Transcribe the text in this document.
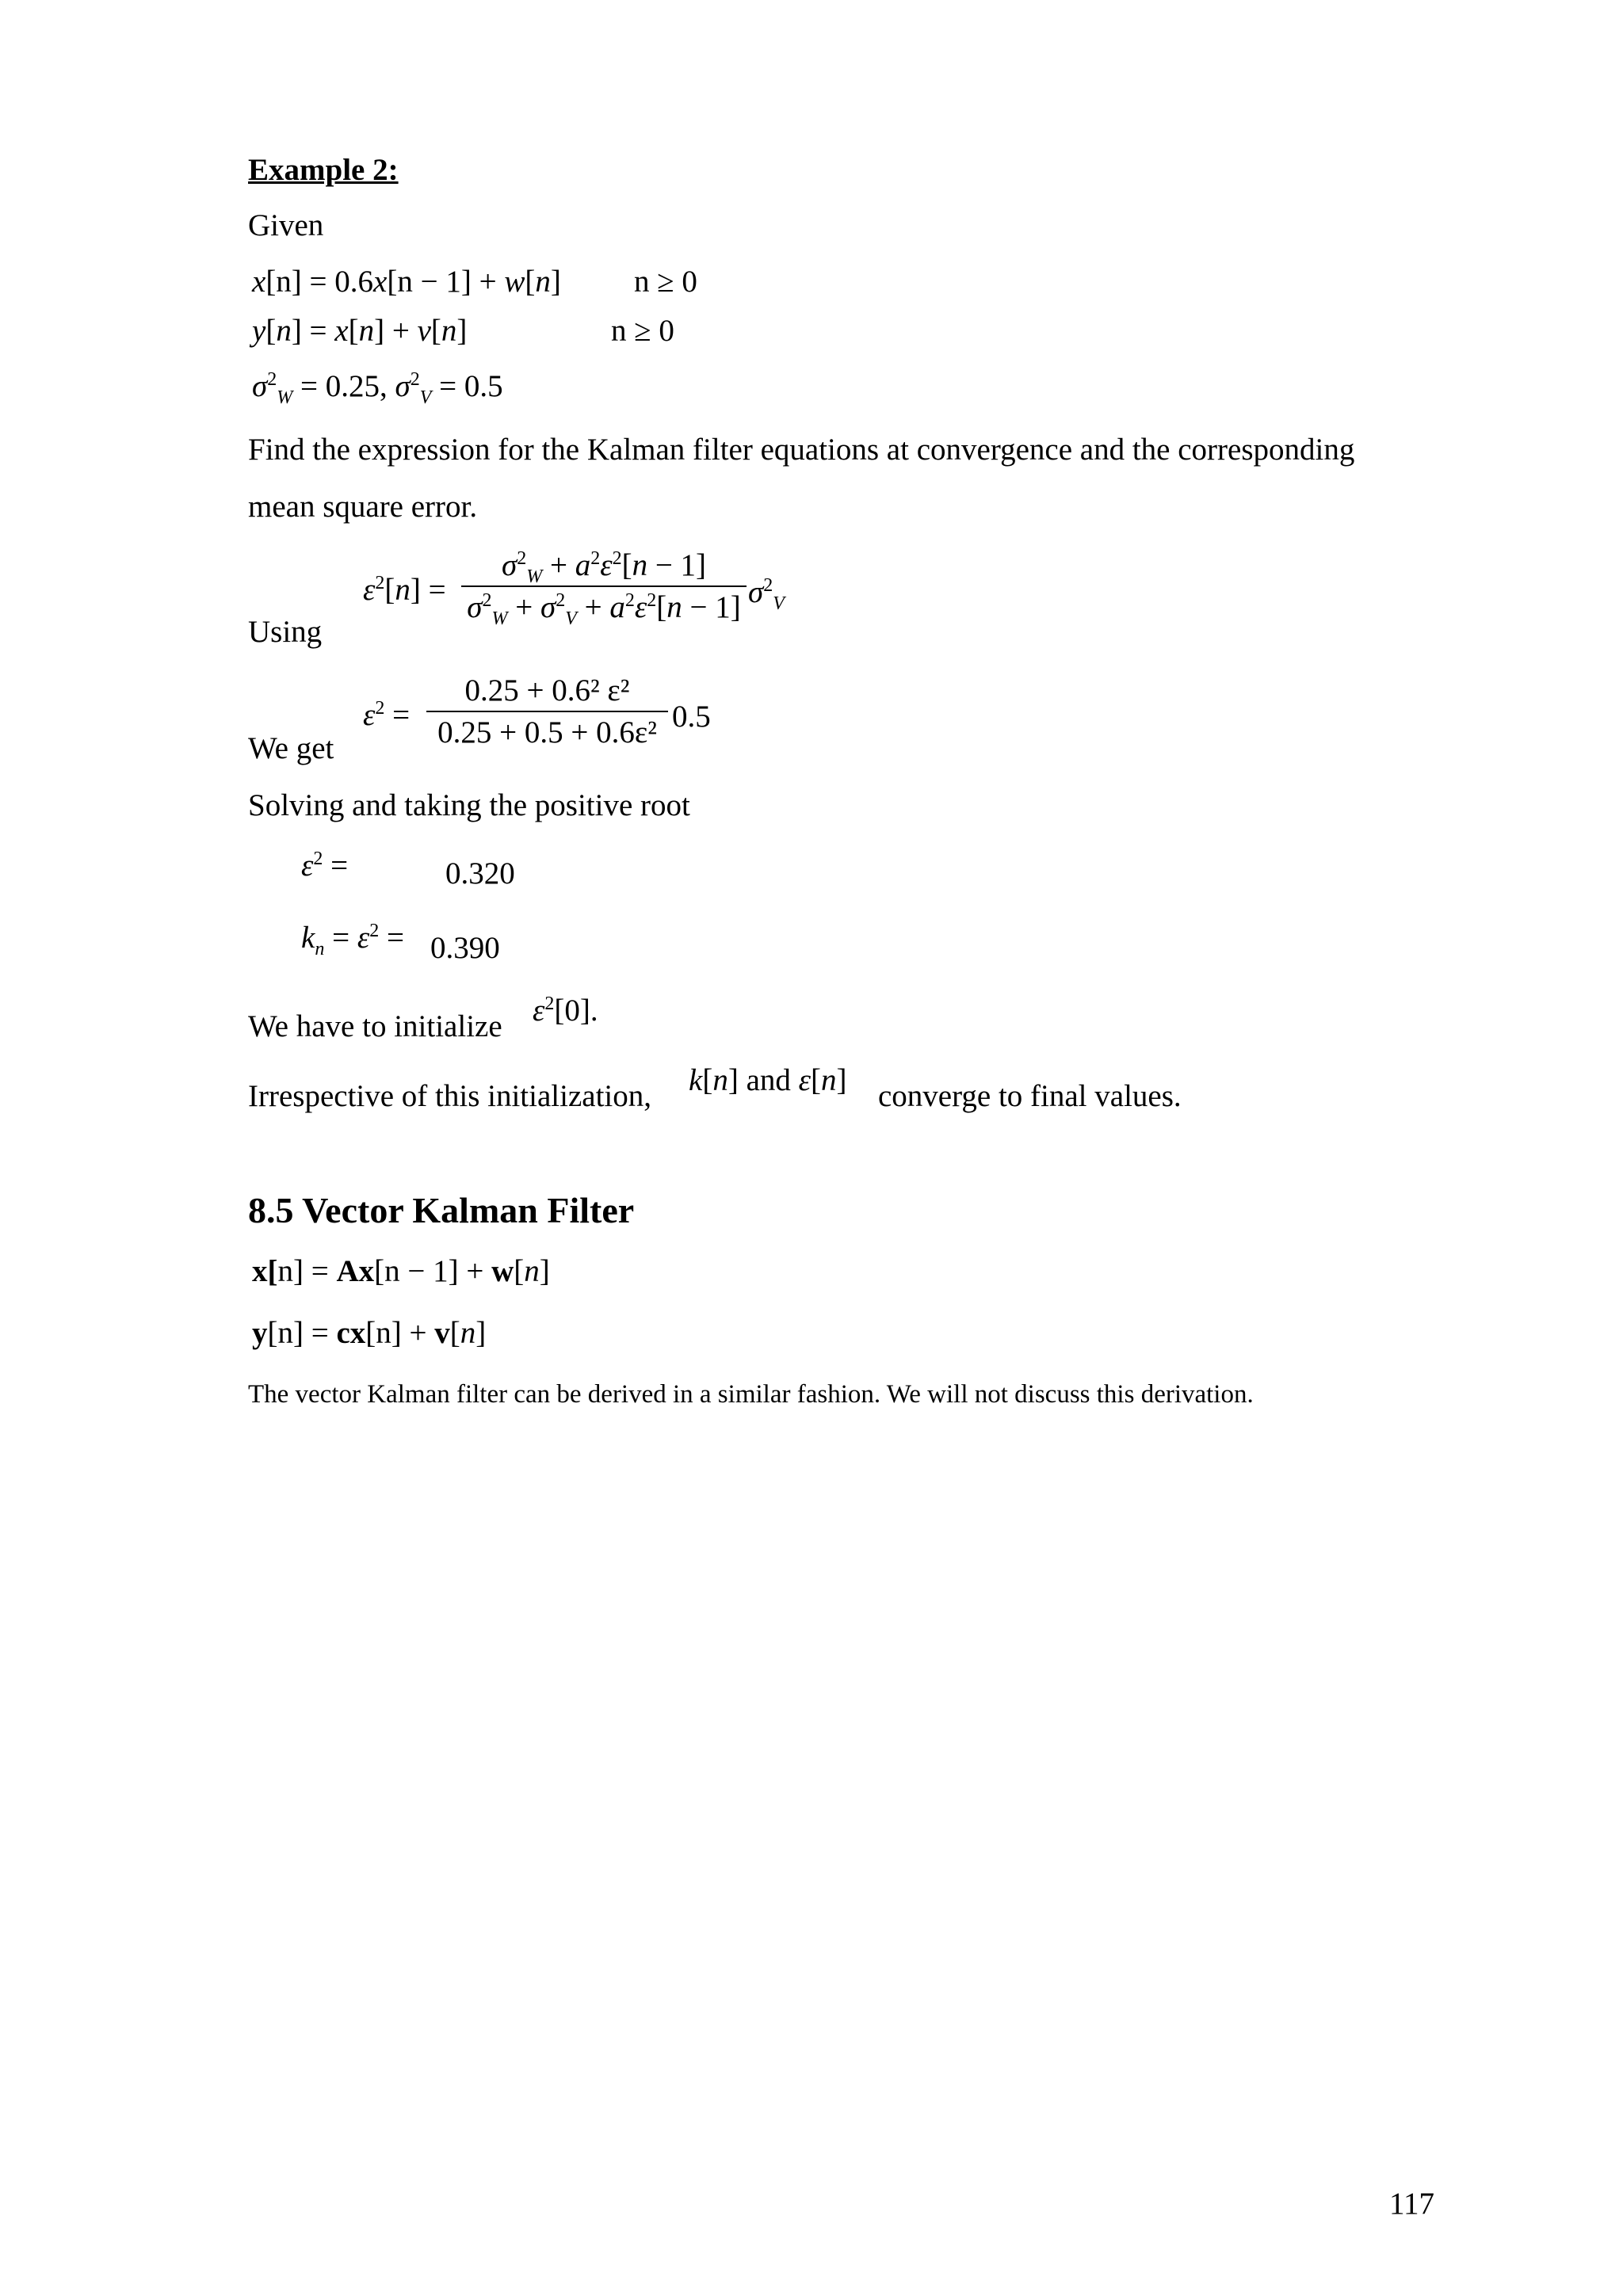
Example 2:
Given
x[n] = 0.6x[n − 1] + w[n] n ≥ 0
y[n] = x[n] + v[n]	n ≥ 0
$\sigma^2_W = 0.25$, $\sigma^2_V = 0.5$
Find the expression for the Kalman filter equations at convergence and the corresponding
mean square error.
Using
$\varepsilon^2[n]$ =
$\sigma^2_W + a^2\varepsilon^2[n - 1]$
$\sigma^2_W + \sigma^2_V + a^2\varepsilon^2[n - 1]$ $\sigma^2_V$
We get
$\varepsilon^2$ =
0.25 + 0.6² ε²
0.25 + 0.5 + 0.6ε² 0.5
Solving and taking the positive root
$\varepsilon^2$ =	0.320
$k_n = \varepsilon^2 = 0.390$
We have to initialize $\varepsilon^2[0]$.
Irrespective of this initialization, k[n] and ε[n] converge to final values.
8.5 Vector Kalman Filter
x[n] = Ax[n − 1] + w[n]
y[n] = cx[n] + v[n]
The vector Kalman filter can be derived in a similar fashion. We will not discuss this derivation.
117
